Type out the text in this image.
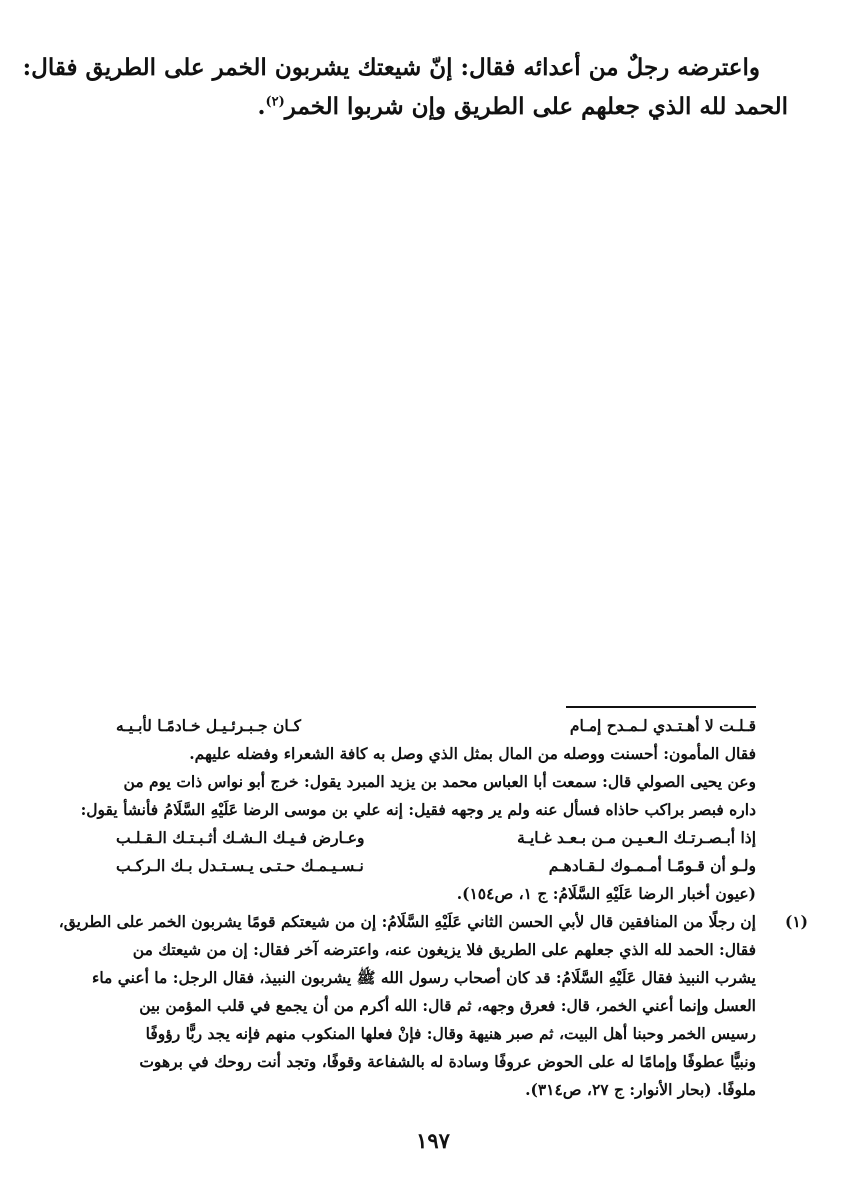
واعترضه رجلٌ من أعدائه فقال: إنّ شيعتك يشربون الخمر على الطريق فقال:
الحمد لله الذي جعلهم على الطريق وإن شربوا الخمر$^{(٢)}$.
قـلـت لا أهـتـدي لـمـدح إمـام
كـان جـبـرئـيـل خـادمًـا لأبـيـه
فقال المأمون: أحسنت ووصله من المال بمثل الذي وصل به كافة الشعراء وفضله عليهم.
وعن يحيى الصولي قال: سمعت أبا العباس محمد بن يزيد المبرد يقول: خرج أبو نواس ذات يوم من
داره فبصر براكب حاذاه فسأل عنه ولم ير وجهه فقيل: إنه علي بن موسى الرضا عَلَيْهِ السَّلَامُ فأنشأ يقول:
إذا أبـصـرتـك الـعـيـن مـن بـعـد غـايـة
وعـارض فـيـك الـشـك أثـبـتـك الـقـلـب
ولـو أن قـومًـا أمـمـوك لـقـادهـم
نـسـيـمـك حـتـى يـسـتـدل بـك الـركـب
(عيون أخبار الرضا عَلَيْهِ السَّلَامُ: ج ١، ص١٥٤).
(١)
إن رجلًا من المنافقين قال لأبي الحسن الثاني عَلَيْهِ السَّلَامُ: إن من شيعتكم قومًا يشربون الخمر على الطريق،
فقال: الحمد لله الذي جعلهم على الطريق فلا يزيغون عنه، واعترضه آخر فقال: إن من شيعتك من
يشرب النبيذ فقال عَلَيْهِ السَّلَامُ: قد كان أصحاب رسول الله ﷺ يشربون النبيذ، فقال الرجل: ما أعني ماء
العسل وإنما أعني الخمر، قال: فعرق وجهه، ثم قال: الله أكرم من أن يجمع في قلب المؤمن بين
رسيس الخمر وحبنا أهل البيت، ثم صبر هنيهة وقال: فإنْ فعلها المنكوب منهم فإنه يجد ربًّا رؤوفًا
ونبيًّا عطوفًا وإمامًا له على الحوض عروفًا وسادة له بالشفاعة وقوفًا، وتجد أنت روحك في برهوت
ملوفًا. (بحار الأنوار: ج ٢٧، ص٣١٤).
١٩٧
